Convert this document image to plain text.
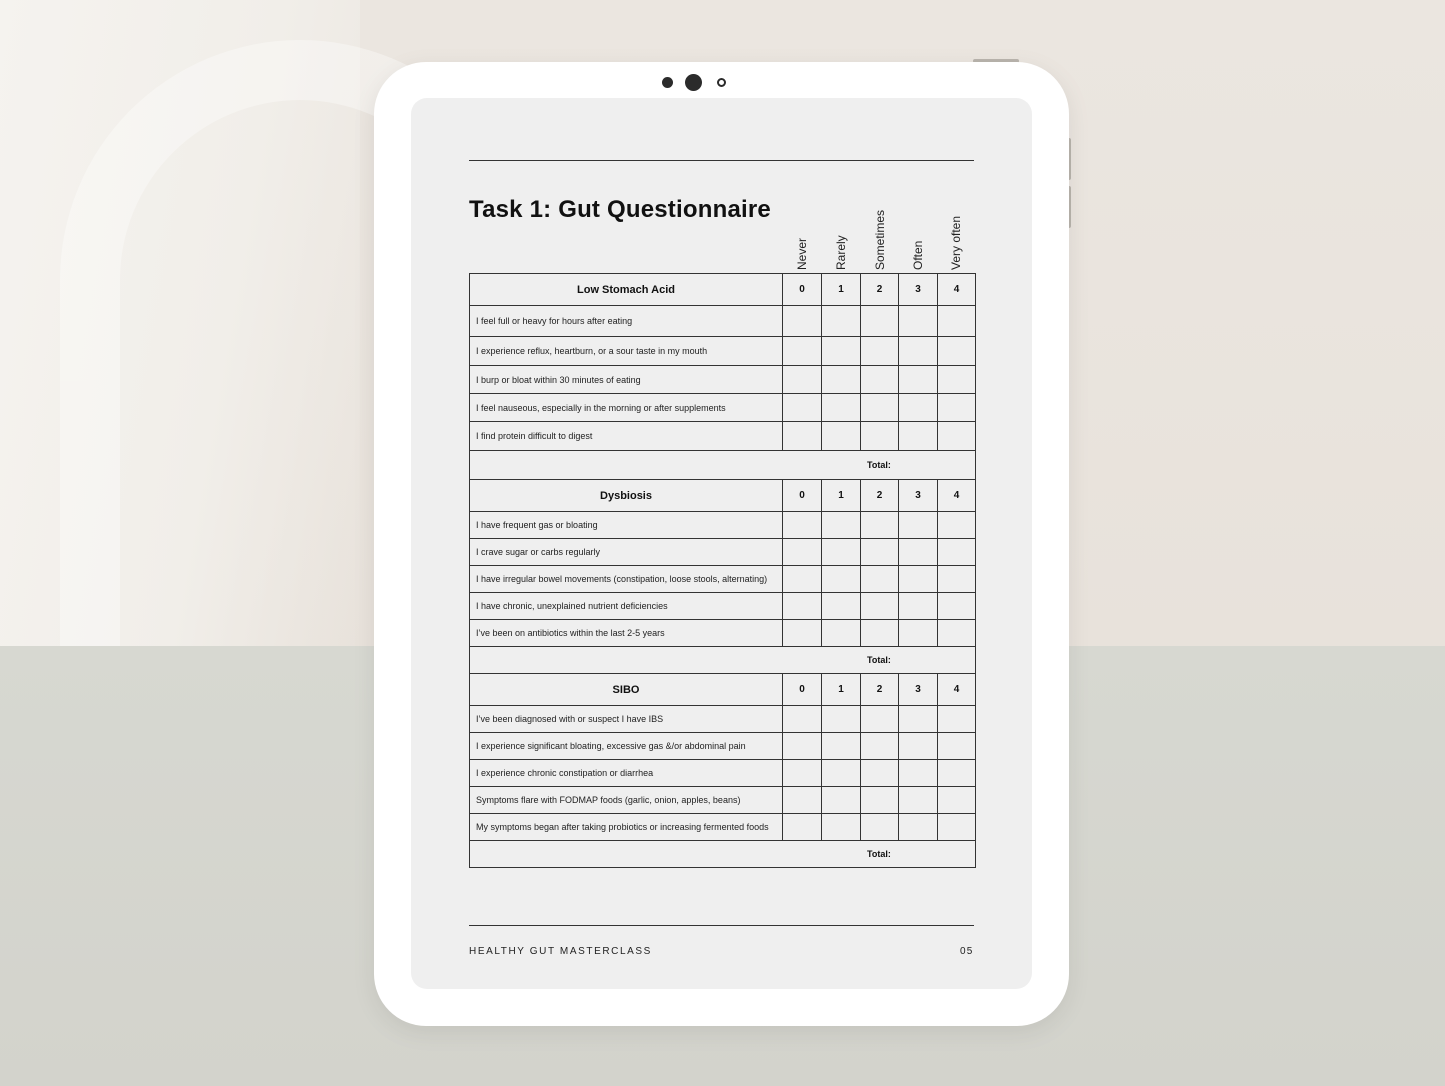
Task 1: Gut Questionnaire
Never Rarely Sometimes Often Very often
Low Stomach Acid	0	1	2	3	4
I feel full or heavy for hours after eating					
I experience reflux, heartburn, or a sour taste in my mouth					
I burp or bloat within 30 minutes of eating					
I feel nauseous, especially in the morning or after supplements					
I find protein difficult to digest					
Total:					
Dysbiosis	0	1	2	3	4
I have frequent gas or bloating					
I crave sugar or carbs regularly					
I have irregular bowel movements (constipation, loose stools, alternating)					
I have chronic, unexplained nutrient deficiencies					
I’ve been on antibiotics within the last 2-5 years					
Total:					
SIBO	0	1	2	3	4
I’ve been diagnosed with or suspect I have IBS					
I experience significant bloating, excessive gas &/or abdominal pain					
I experience chronic constipation or diarrhea					
Symptoms flare with FODMAP foods (garlic, onion, apples, beans)					
My symptoms began after taking probiotics or increasing fermented foods					
Total:					
HEALTHY GUT MASTERCLASS	05
